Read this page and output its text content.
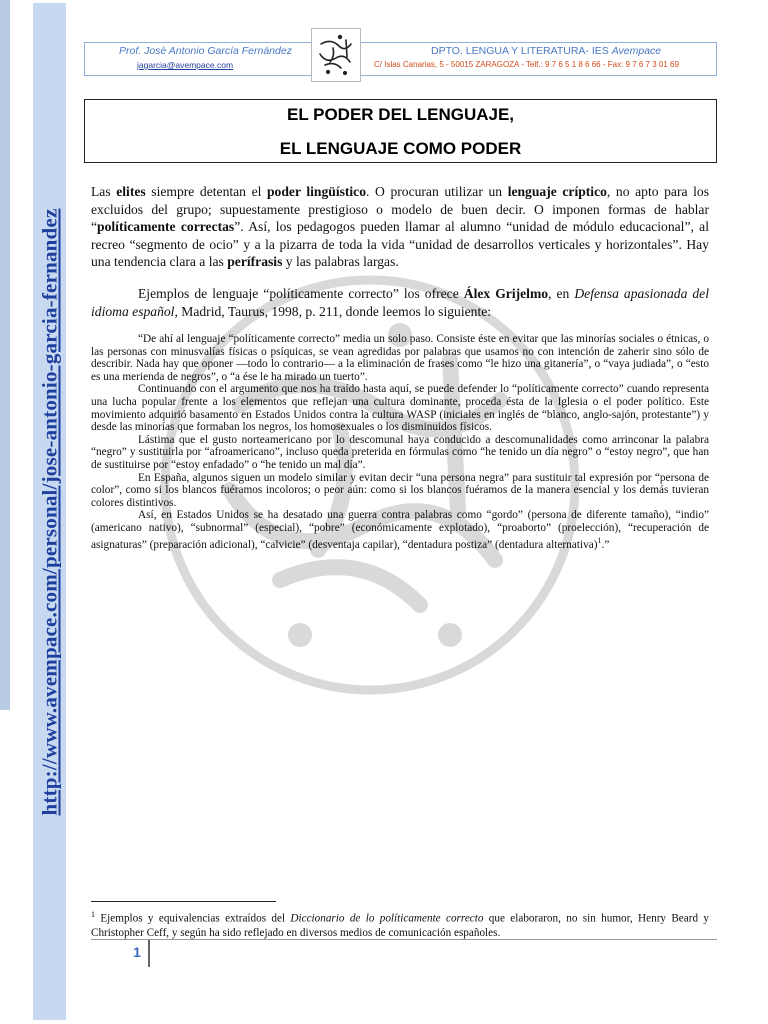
http://www.avempace.com/personal/jose-antonio-garcia-fernandez
Prof. Josè Antonio García Fernández
jagarcia@avempace.com
DPTO. LENGUA Y LITERATURA- IES Avempace
C/ Islas Canarias, 5 - 50015 ZARAGOZA - Telf.: 9 7 6 5 1 8 6 66 - Fax: 9 7 6 7 3 01 69
EL PODER DEL LENGUAJE,
EL LENGUAJE COMO PODER

Las elites siempre detentan el poder lingüístico. O procuran utilizar un lenguaje críptico, no apto para los excluidos del grupo; supuestamente prestigioso o modelo de buen decir. O imponen formas de hablar “políticamente correctas”. Así, los pedagogos pueden llamar al alumno “unidad de módulo educacional”, al recreo “segmento de ocio” y a la pizarra de toda la vida “unidad de desarrollos verticales y horizontales”. Hay una tendencia clara a las perífrasis y las palabras largas.

Ejemplos de lenguaje “políticamente correcto” los ofrece Álex Grijelmo, en Defensa apasionada del idioma español, Madrid, Taurus, 1998, p. 211, donde leemos lo siguiente:

“De ahí al lenguaje “políticamente correcto” media un solo paso. Consiste éste en evitar que las minorías sociales o étnicas, o las personas con minusvalías físicas o psíquicas, se vean agredidas por palabras que usamos no con intención de zaherir sino sólo de describir. Nada hay que oponer —todo lo contrario— a la eliminación de frases como “le hizo una gitanería”, o “vaya judiada”, o “esto es una merienda de negros”, o “a ése le ha mirado un tuerto”.

Continuando con el argumento que nos ha traído hasta aquí, se puede defender lo “políticamente correcto” cuando representa una lucha popular frente a los elementos que reflejan una cultura dominante, proceda ésta de la Iglesia o el poder político. Este movimiento adquirió basamento en Estados Unidos contra la cultura WASP (iniciales en inglés de “blanco, anglo-sajón, protestante”) y desde las minorías que formaban los negros, los homosexuales o los disminuidos físicos.

Lástima que el gusto norteamericano por lo descomunal haya conducido a descomunalidades como arrinconar la palabra “negro” y sustituirla por “afroamericano”, incluso queda preterida en fórmulas como “he tenido un día negro” o “estoy negro”, que han de sustituirse por “estoy enfadado” o “he tenido un mal día”.

En España, algunos siguen un modelo similar y evitan decir “una persona negra” para sustituir tal expresión por “persona de color”, como si los blancos fuéramos incoloros; o peor aún: como si los blancos fuéramos de la manera esencial y los demás tuvieran colores distintivos.

Así, en Estados Unidos se ha desatado una guerra contra palabras como “gordo” (persona de diferente tamaño), “indio” (americano nativo), “subnormal” (especial), “pobre” (económicamente explotado), “proaborto” (proelección), “recuperación de asignaturas” (preparación adicional), “calvicie” (desventaja capilar), “dentadura postiza” (dentadura alternativa)$^1$.”

$^1$ Ejemplos y equivalencias extraídos del Diccionario de lo políticamente correcto que elaboraron, no sin humor, Henry Beard y Christopher Ceff, y según ha sido reflejado en diversos medios de comunicación españoles.

1
